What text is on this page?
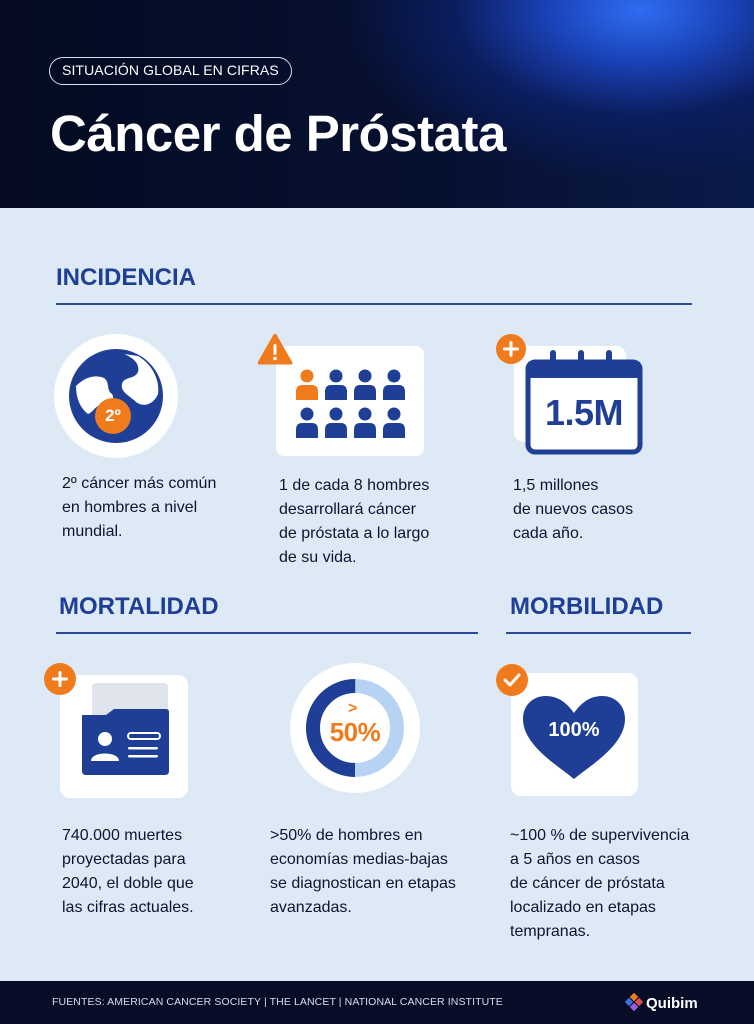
SITUACIÓN GLOBAL EN CIFRAS
Cáncer de Próstata
INCIDENCIA
2º
2º cáncer más común
en hombres a nivel
mundial.
1 de cada 8 hombres
desarrollará cáncer
de próstata a lo largo
de su vida.
1.5M
1,5 millones
de nuevos casos
cada año.
MORTALIDAD	MORBILIDAD
740.000 muertes
proyectadas para
2040, el doble que
las cifras actuales.
>
50%
>50% de hombres en
economías medias-bajas
se diagnostican en etapas
avanzadas.
100%
~100 % de supervivencia
a 5 años en casos
de cáncer de próstata
localizado en etapas
tempranas.
FUENTES: AMERICAN CANCER SOCIETY | THE LANCET | NATIONAL CANCER INSTITUTE	Quibim
